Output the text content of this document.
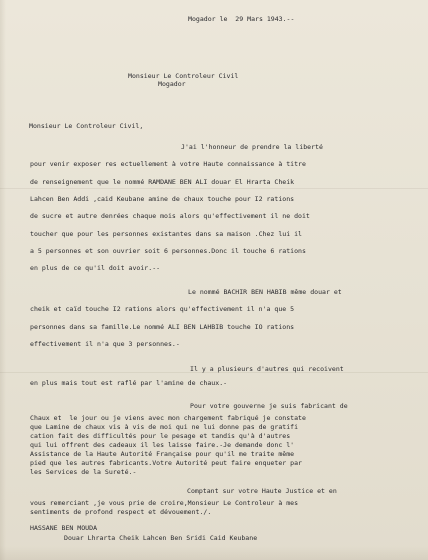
Mogador le  29 Mars 1943.--
Monsieur Le Controleur Civil
Mogador
Monsieur Le Controleur Civil,
J'ai l'honneur de prendre la liberté
pour venir exposer res ectuellement à votre Haute connaissance à titre
de renseignement que le nommé RAMDANE BEN ALI douar El Hrarta Cheik
Lahcen Ben Addi ,caid Keubane amine de chaux touche pour I2 rations
de sucre et autre denrées chaque mois alors qu'effectivement il ne doit
toucher que pour les personnes existantes dans sa maison .Chez lui il
a 5 personnes et son ouvrier soit 6 personnes.Donc il touche 6 rations
en plus de ce qu'il doit avoir.--
Le nommé BACHIR BEN HABIB même douar et
cheik et caïd touche I2 rations alors qu'effectivement il n'a que 5
personnes dans sa famille.Le nommé ALI BEN LAHBIB touche IO rations
effectivement il n'a que 3 personnes.-
Il y a plusieurs d'autres qui recoivent
en plus mais tout est raflé par l'amine de chaux.-
Pour votre gouverne je suis fabricant de
Chaux et  le jour ou je viens avec mon chargement fabriqué je constate
que Lamine de chaux vis à vis de moi qui ne lui donne pas de gratifi
cation fait des difficultés pour le pesage et tandis qu'à d'autres
qui lui offrent des cadeaux il les laisse faire.-Je demande donc l'
Assistance de la Haute Autorité Française pour qu'il me traite même
pied que les autres fabricants.Votre Autorité peut faire enqueter par
les Services de la Sureté.-
Comptant sur votre Haute Justice et en
vous remerciant ,je vous prie de croire,Monsieur Le Controleur à mes
sentiments de profond respect et dévouement./.
HASSANE BEN MOUDA
Douar Lhrarta Cheik Lahcen Ben Sridi Caid Keubane
